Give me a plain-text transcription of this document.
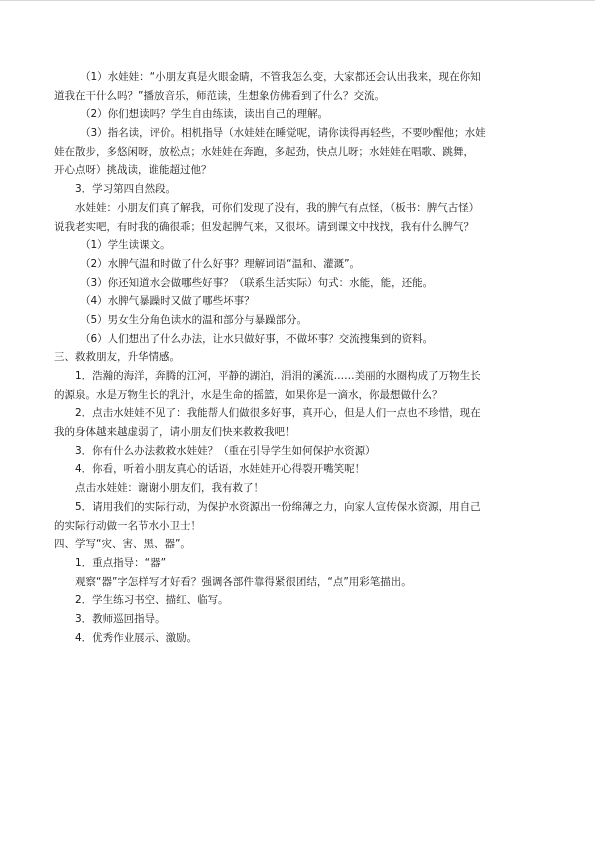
（1）水娃娃：“小朋友真是火眼金睛，不管我怎么变，大家都还会认出我来，现在你知
道我在干什么吗？”播放音乐，师范读，生想象仿佛看到了什么？交流。
（2）你们想读吗？学生自由练读，读出自己的理解。
（3）指名读，评价。相机指导（水娃娃在睡觉呢，请你读得再轻些，不要吵醒他；水娃
娃在散步，多悠闲呀，放松点；水娃娃在奔跑，多起劲，快点儿呀；水娃娃在唱歌、跳舞，
开心点呀）挑战读，谁能超过他？
3．学习第四自然段。
水娃娃：小朋友们真了解我，可你们发现了没有，我的脾气有点怪，（板书：脾气古怪）
说我老实吧，有时我的确很乖；但发起脾气来，又很坏。请到课文中找找，我有什么脾气？
（1）学生读课文。
（2）水脾气温和时做了什么好事？理解词语“温和、灌溉”。
（3）你还知道水会做哪些好事？（联系生活实际）句式：水能，能，还能。
（4）水脾气暴躁时又做了哪些坏事？
（5）男女生分角色读水的温和部分与暴躁部分。
（6）人们想出了什么办法，让水只做好事，不做坏事？交流搜集到的资料。
三、救救朋友，升华情感。
1．浩瀚的海洋，奔腾的江河，平静的湖泊，涓涓的溪流……美丽的水圈构成了万物生长
的源泉。水是万物生长的乳汁，水是生命的摇篮，如果你是一滴水，你最想做什么？
2．点击水娃娃不见了：我能帮人们做很多好事，真开心，但是人们一点也不珍惜，现在
我的身体越来越虚弱了，请小朋友们快来救救我吧！
3．你有什么办法救救水娃娃？（重在引导学生如何保护水资源）
4．你看，听着小朋友真心的话语，水娃娃开心得裂开嘴笑呢！
点击水娃娃：谢谢小朋友们，我有救了！
5．请用我们的实际行动，为保护水资源出一份绵薄之力，向家人宣传保水资源，用自己
的实际行动做一名节水小卫士！
四、学写“灾、害、黑、器”。
1．重点指导：“器”
观察“器”字怎样写才好看？强调各部件靠得紧很团结，“点”用彩笔描出。
2．学生练习书空、描红、临写。
3．教师巡回指导。
4．优秀作业展示、激励。
